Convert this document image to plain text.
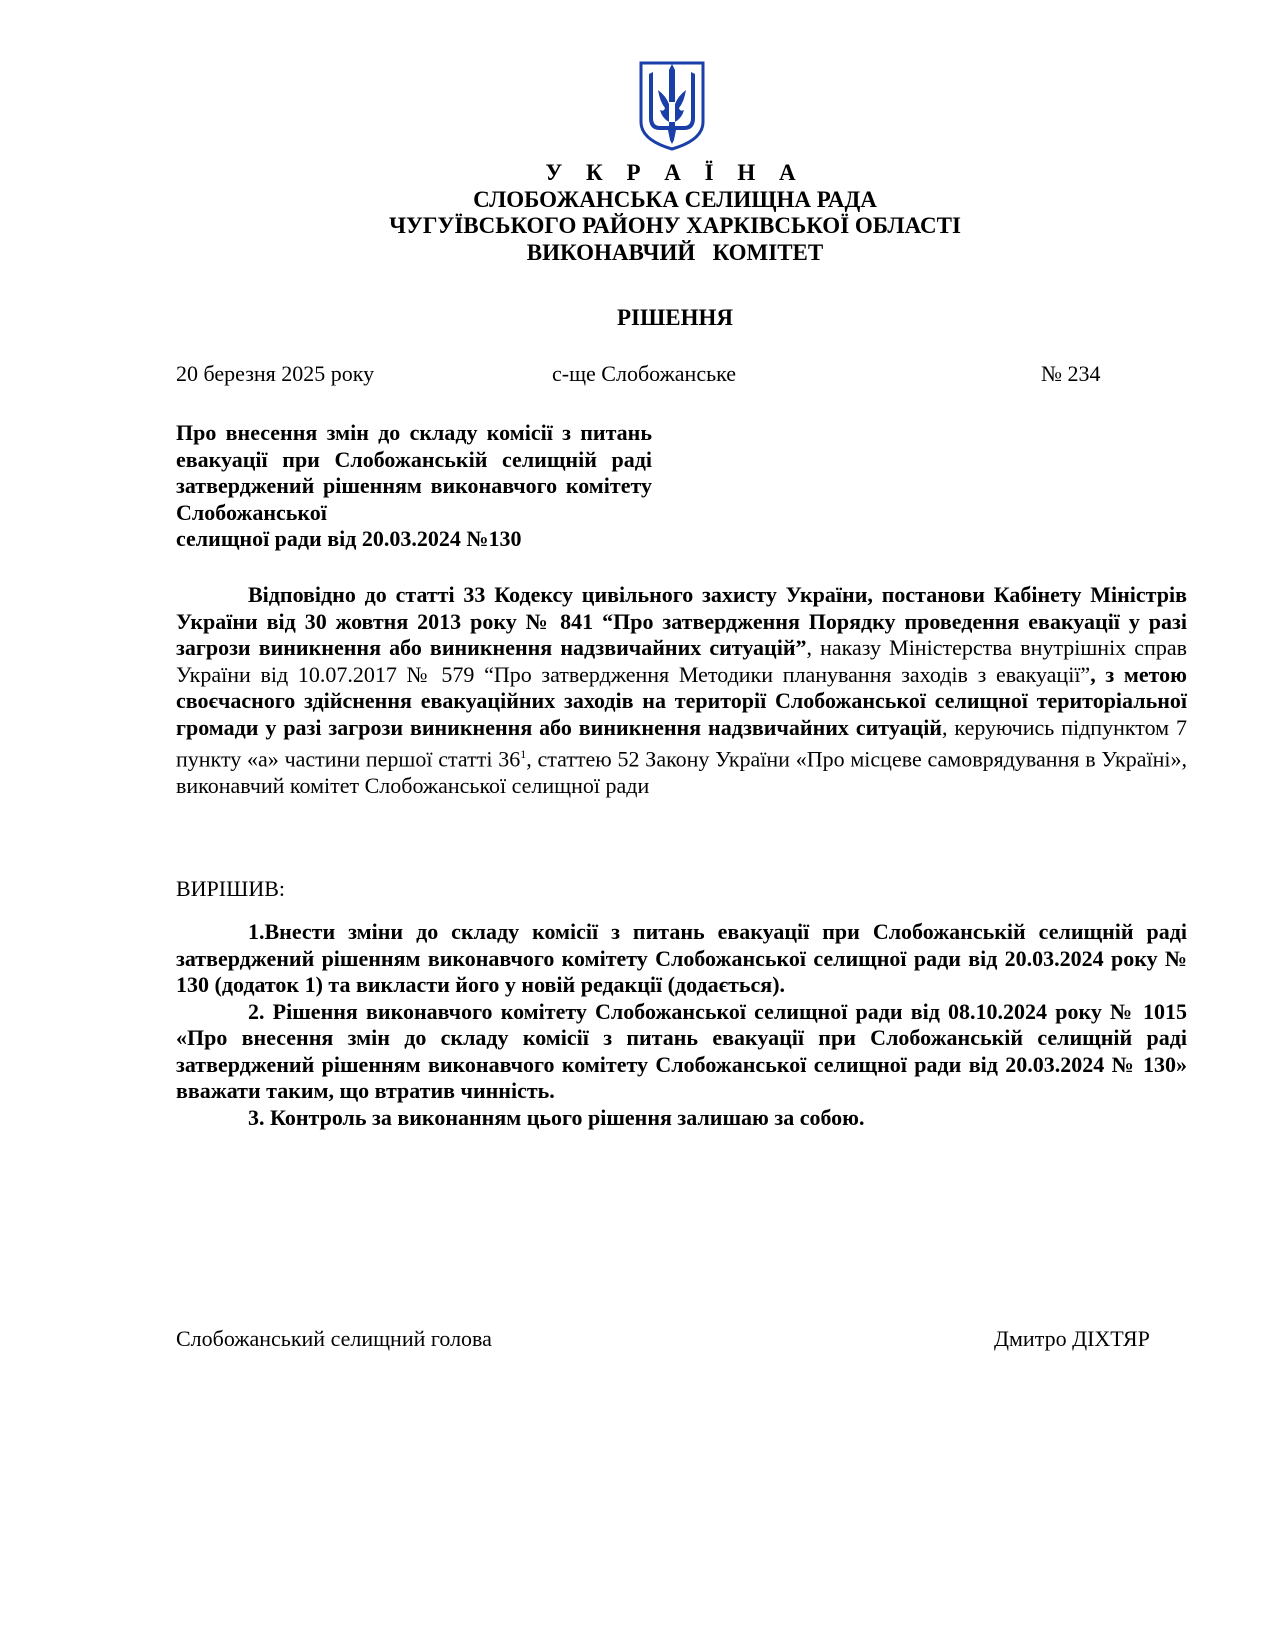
У К Р А Ї Н А
СЛОБОЖАНСЬКА СЕЛИЩНА РАДА
ЧУГУЇВСЬКОГО РАЙОНУ ХАРКІВСЬКОЇ ОБЛАСТІ
ВИКОНАВЧИЙ   КОМІТЕТ
РІШЕННЯ
20 березня 2025 року	с-ще Слобожанське	№ 234
Про внесення змін до складу комісії з питань евакуації при Слобожанській селищній раді затверджений рішенням виконавчого комітету Слобожанської
селищної ради від 20.03.2024 №130
Відповідно до статті 33 Кодексу цивільного захисту України, постанови Кабінету Міністрів України від 30 жовтня 2013 року № 841 “Про затвердження Порядку проведення евакуації у разі загрози виникнення або виникнення надзвичайних ситуацій”, наказу Міністерства внутрішніх справ України від 10.07.2017 № 579 “Про затвердження Методики планування заходів з евакуації”, з метою своєчасного здійснення евакуаційних заходів на території Слобожанської селищної територіальної громади у разі загрози виникнення або виникнення надзвичайних ситуацій, керуючись підпунктом 7 пункту «а» частини першої статті $36^1$, статтею 52 Закону України «Про місцеве самоврядування в Україні», виконавчий комітет Слобожанської селищної ради
ВИРІШИВ:
1.Внести зміни до складу комісії з питань евакуації при Слобожанській селищній раді затверджений рішенням виконавчого комітету Слобожанської селищної ради від 20.03.2024 року № 130 (додаток 1) та викласти його у новій редакції (додається).
2. Рішення виконавчого комітету Слобожанської селищної ради від 08.10.2024 року № 1015 «Про внесення змін до складу комісії з питань евакуації при Слобожанській селищній раді затверджений рішенням виконавчого комітету Слобожанської селищної ради від 20.03.2024 № 130» вважати таким, що втратив чинність.
3. Контроль за виконанням цього рішення залишаю за собою.
Слобожанський селищний голова	Дмитро ДІХТЯР
